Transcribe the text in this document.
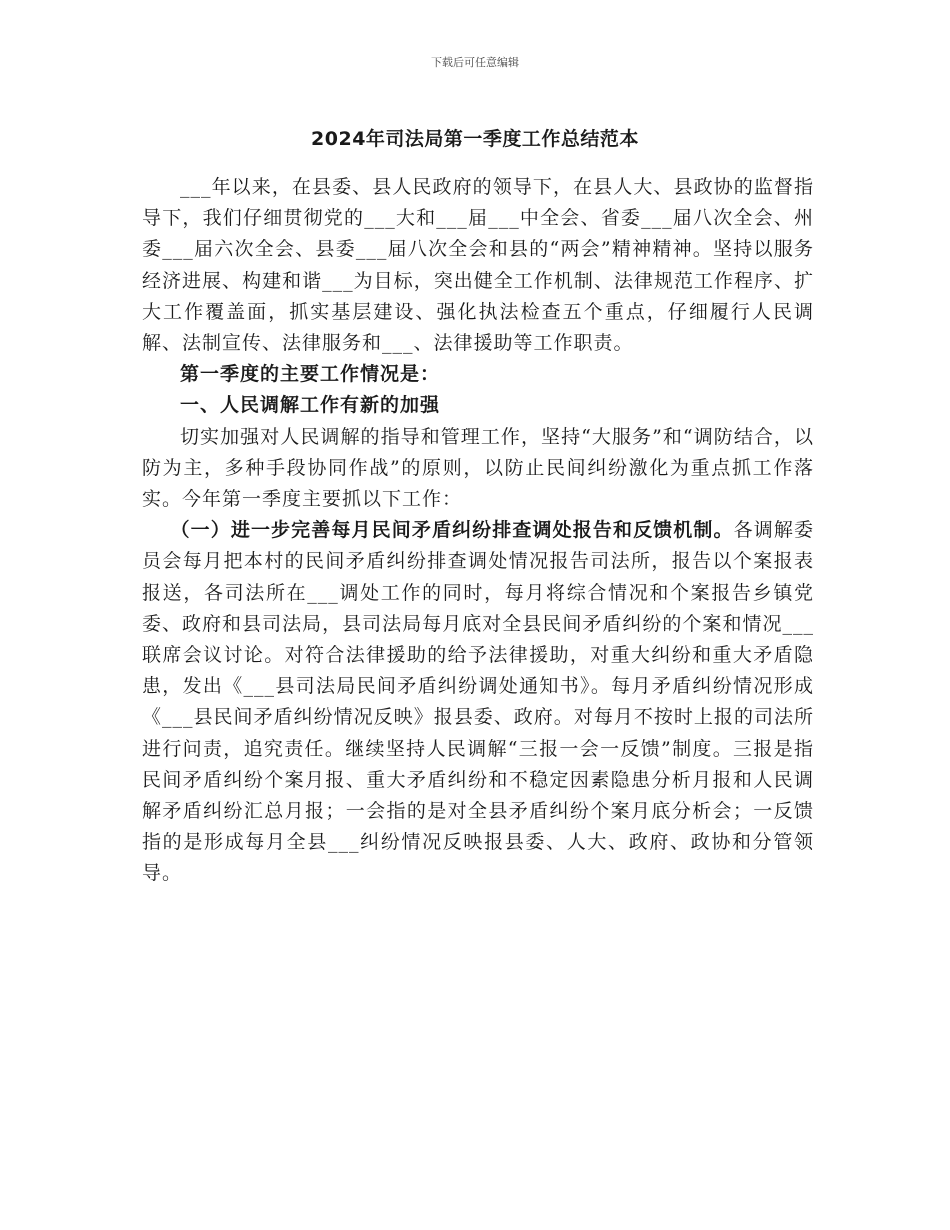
下载后可任意编辑
2024年司法局第一季度工作总结范本

___年以来，在县委、县人民政府的领导下，在县人大、县政协的监督指导下，我们仔细贯彻党的___大和___届___中全会、省委___届八次全会、州委___届六次全会、县委___届八次全会和县的“两会”精神精神。坚持以服务经济进展、构建和谐___为目标，突出健全工作机制、法律规范工作程序、扩大工作覆盖面，抓实基层建设、强化执法检查五个重点，仔细履行人民调解、法制宣传、法律服务和___、法律援助等工作职责。

第一季度的主要工作情况是：

一、人民调解工作有新的加强

切实加强对人民调解的指导和管理工作，坚持“大服务”和“调防结合，以防为主，多种手段协同作战”的原则，以防止民间纠纷激化为重点抓工作落实。今年第一季度主要抓以下工作：

（一）进一步完善每月民间矛盾纠纷排查调处报告和反馈机制。各调解委员会每月把本村的民间矛盾纠纷排查调处情况报告司法所，报告以个案报表报送，各司法所在___调处工作的同时，每月将综合情况和个案报告乡镇党委、政府和县司法局，县司法局每月底对全县民间矛盾纠纷的个案和情况___联席会议讨论。对符合法律援助的给予法律援助，对重大纠纷和重大矛盾隐患，发出《___县司法局民间矛盾纠纷调处通知书》。每月矛盾纠纷情况形成《___县民间矛盾纠纷情况反映》报县委、政府。对每月不按时上报的司法所进行问责，追究责任。继续坚持人民调解“三报一会一反馈”制度。三报是指民间矛盾纠纷个案月报、重大矛盾纠纷和不稳定因素隐患分析月报和人民调解矛盾纠纷汇总月报；一会指的是对全县矛盾纠纷个案月底分析会；一反馈指的是形成每月全县___纠纷情况反映报县委、人大、政府、政协和分管领导。
